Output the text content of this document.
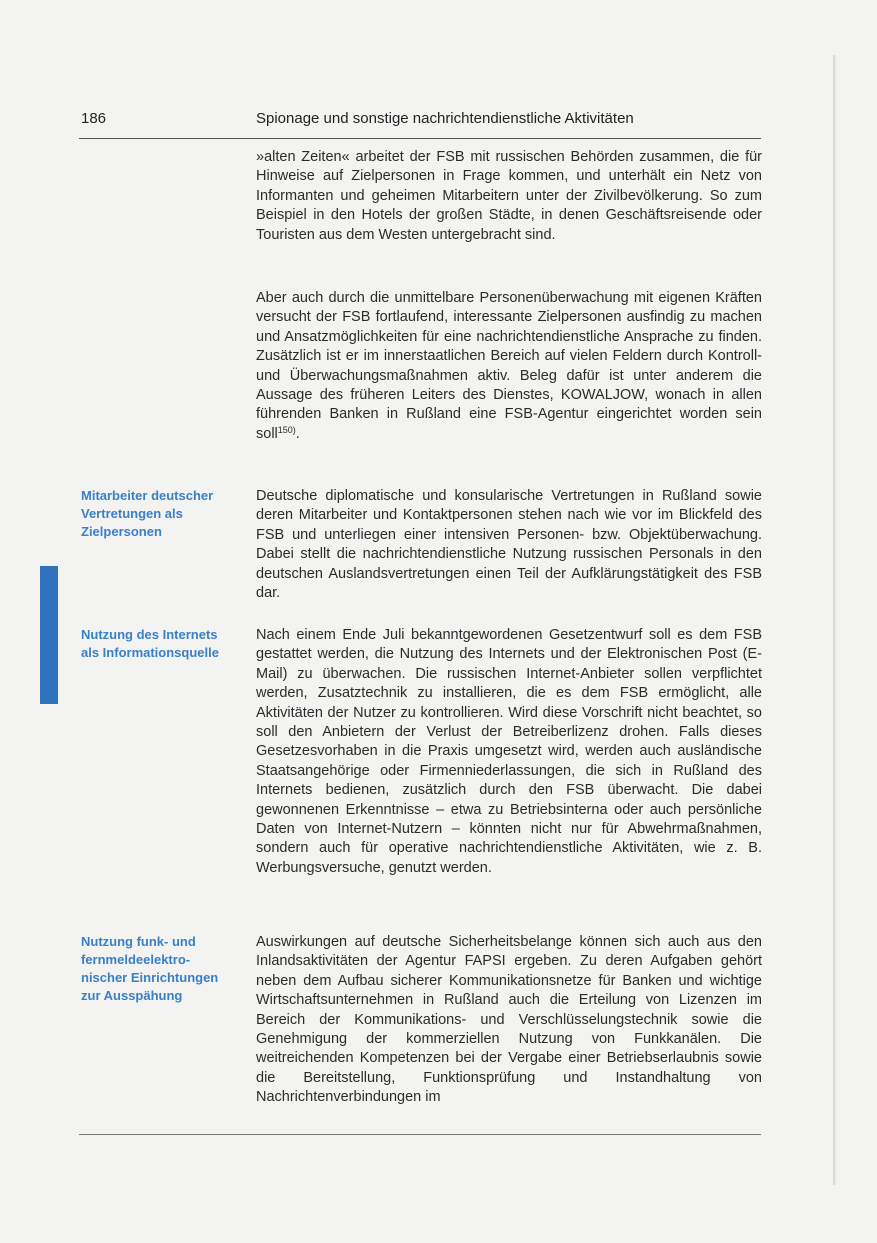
186	Spionage und sonstige nachrichtendienstliche Aktivitäten
Mitarbeiter deutscher Vertretungen als Zielpersonen
Nutzung des Internets als Informationsquelle
Nutzung funk- und fernmeldeelektronischer Einrichtungen zur Ausspähung

»alten Zeiten« arbeitet der FSB mit russischen Behörden zusammen, die für Hinweise auf Zielpersonen in Frage kommen, und unterhält ein Netz von Informanten und geheimen Mitarbeitern unter der Zivilbevölkerung. So zum Beispiel in den Hotels der großen Städte, in denen Geschäftsreisende oder Touristen aus dem Westen untergebracht sind.

Aber auch durch die unmittelbare Personenüberwachung mit eigenen Kräften versucht der FSB fortlaufend, interessante Zielpersonen ausfindig zu machen und Ansatzmöglichkeiten für eine nachrichtendienstliche Ansprache zu finden. Zusätzlich ist er im innerstaatlichen Bereich auf vielen Feldern durch Kontroll- und Überwachungsmaßnahmen aktiv. Beleg dafür ist unter anderem die Aussage des früheren Leiters des Dienstes, KOWALJOW, wonach in allen führenden Banken in Rußland eine FSB-Agentur eingerichtet worden sein soll$^{150)}$.

Deutsche diplomatische und konsularische Vertretungen in Rußland sowie deren Mitarbeiter und Kontaktpersonen stehen nach wie vor im Blickfeld des FSB und unterliegen einer intensiven Personen- bzw. Objektüberwachung. Dabei stellt die nachrichtendienstliche Nutzung russischen Personals in den deutschen Auslandsvertretungen einen Teil der Aufklärungstätigkeit des FSB dar.

Nach einem Ende Juli bekanntgewordenen Gesetzentwurf soll es dem FSB gestattet werden, die Nutzung des Internets und der Elektronischen Post (E-Mail) zu überwachen. Die russischen Internet-Anbieter sollen verpflichtet werden, Zusatztechnik zu installieren, die es dem FSB ermöglicht, alle Aktivitäten der Nutzer zu kontrollieren. Wird diese Vorschrift nicht beachtet, so soll den Anbietern der Verlust der Betreiberlizenz drohen. Falls dieses Gesetzesvorhaben in die Praxis umgesetzt wird, werden auch ausländische Staatsangehörige oder Firmenniederlassungen, die sich in Rußland des Internets bedienen, zusätzlich durch den FSB überwacht. Die dabei gewonnenen Erkenntnisse – etwa zu Betriebsinterna oder auch persönliche Daten von Internet-Nutzern – könnten nicht nur für Abwehrmaßnahmen, sondern auch für operative nachrichtendienstliche Aktivitäten, wie z. B. Werbungsversuche, genutzt werden.

Auswirkungen auf deutsche Sicherheitsbelange können sich auch aus den Inlandsaktivitäten der Agentur FAPSI ergeben. Zu deren Aufgaben gehört neben dem Aufbau sicherer Kommunikationsnetze für Banken und wichtige Wirtschaftsunternehmen in Rußland auch die Erteilung von Lizenzen im Bereich der Kommunikations- und Verschlüsselungstechnik sowie die Genehmigung der kommerziellen Nutzung von Funkkanälen. Die weitreichenden Kompetenzen bei der Vergabe einer Betriebserlaubnis sowie die Bereitstellung, Funktionsprüfung und Instandhaltung von Nachrichtenverbindungen im
